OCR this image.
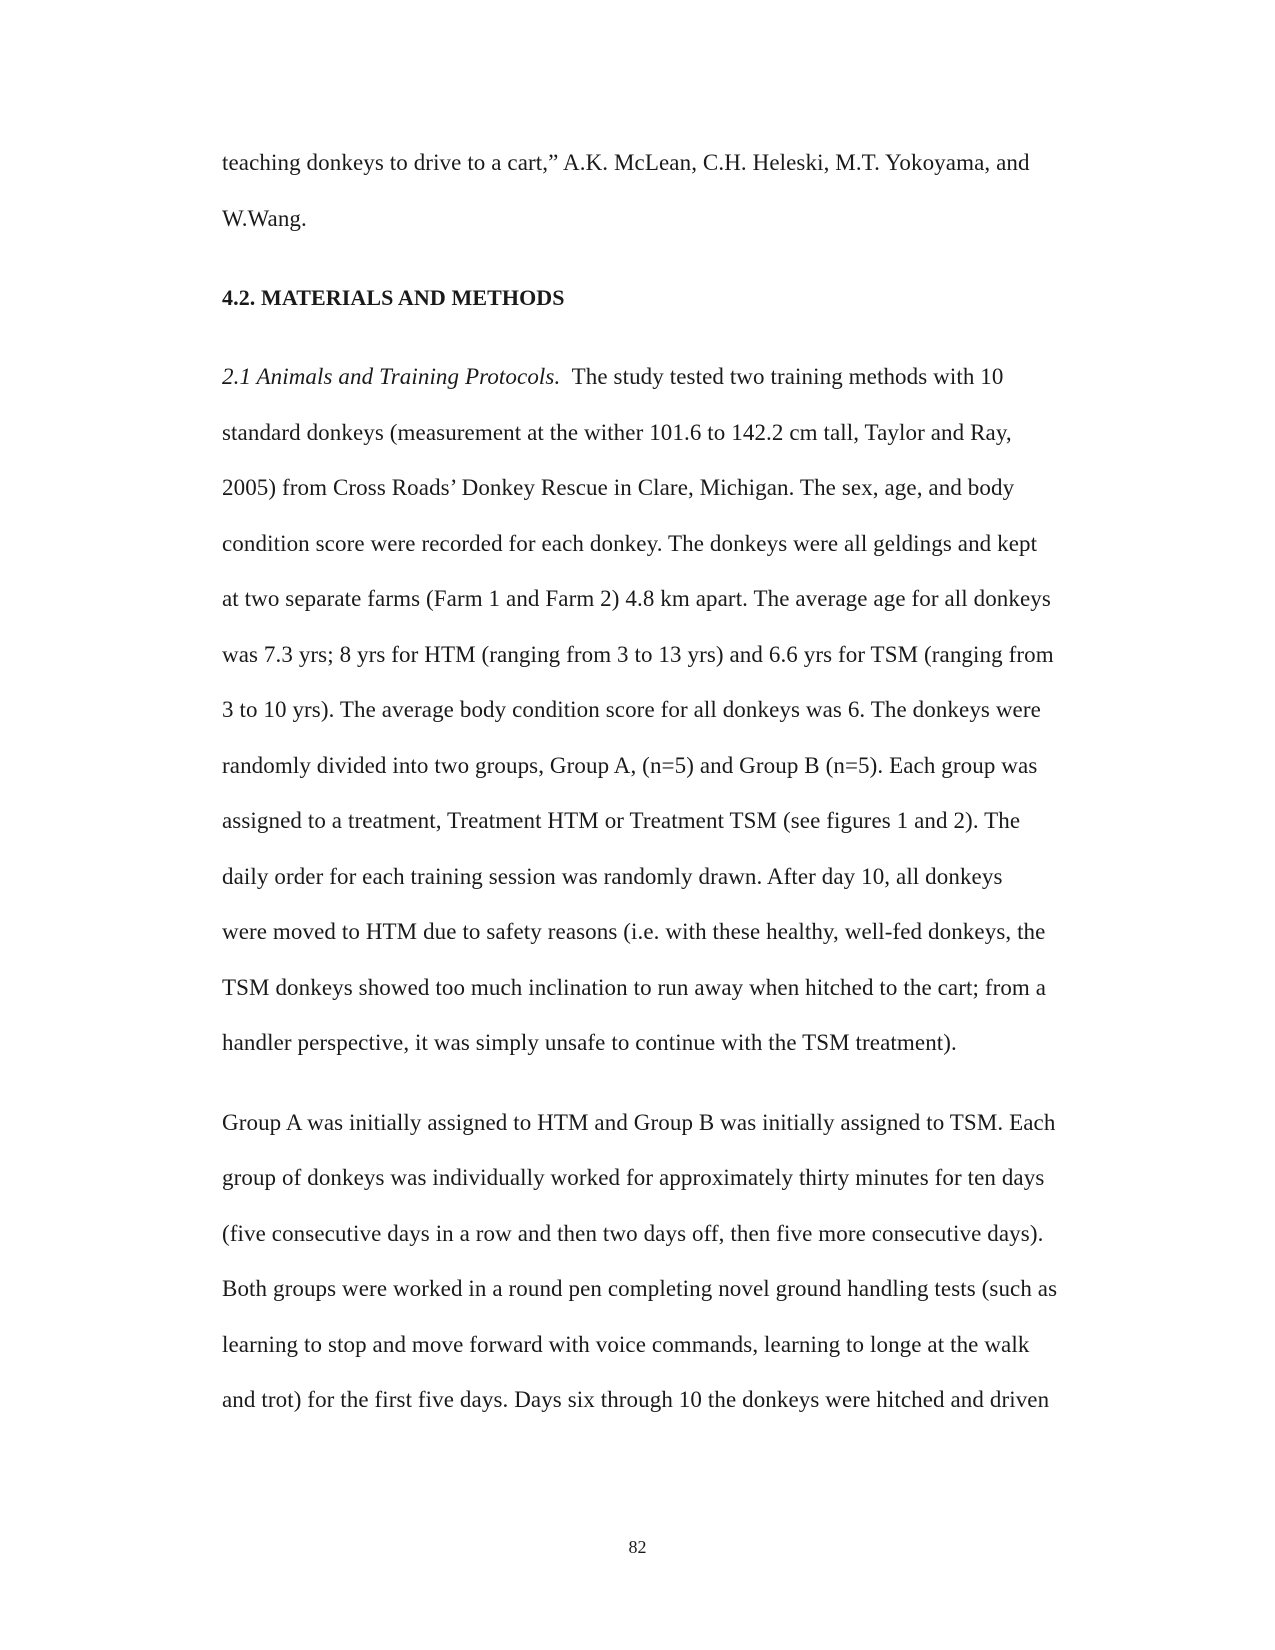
teaching donkeys to drive to a cart,” A.K. McLean, C.H. Heleski, M.T. Yokoyama, and
W.Wang.
4.2. MATERIALS AND METHODS
2.1 Animals and Training Protocols. The study tested two training methods with 10
standard donkeys (measurement at the wither 101.6 to 142.2 cm tall, Taylor and Ray,
2005) from Cross Roads’ Donkey Rescue in Clare, Michigan. The sex, age, and body
condition score were recorded for each donkey. The donkeys were all geldings and kept
at two separate farms (Farm 1 and Farm 2) 4.8 km apart. The average age for all donkeys
was 7.3 yrs; 8 yrs for HTM (ranging from 3 to 13 yrs) and 6.6 yrs for TSM (ranging from
3 to 10 yrs). The average body condition score for all donkeys was 6. The donkeys were
randomly divided into two groups, Group A, (n=5) and Group B (n=5). Each group was
assigned to a treatment, Treatment HTM or Treatment TSM (see figures 1 and 2). The
daily order for each training session was randomly drawn. After day 10, all donkeys
were moved to HTM due to safety reasons (i.e. with these healthy, well-fed donkeys, the
TSM donkeys showed too much inclination to run away when hitched to the cart; from a
handler perspective, it was simply unsafe to continue with the TSM treatment).
Group A was initially assigned to HTM and Group B was initially assigned to TSM. Each
group of donkeys was individually worked for approximately thirty minutes for ten days
(five consecutive days in a row and then two days off, then five more consecutive days).
Both groups were worked in a round pen completing novel ground handling tests (such as
learning to stop and move forward with voice commands, learning to longe at the walk
and trot) for the first five days. Days six through 10 the donkeys were hitched and driven
82
